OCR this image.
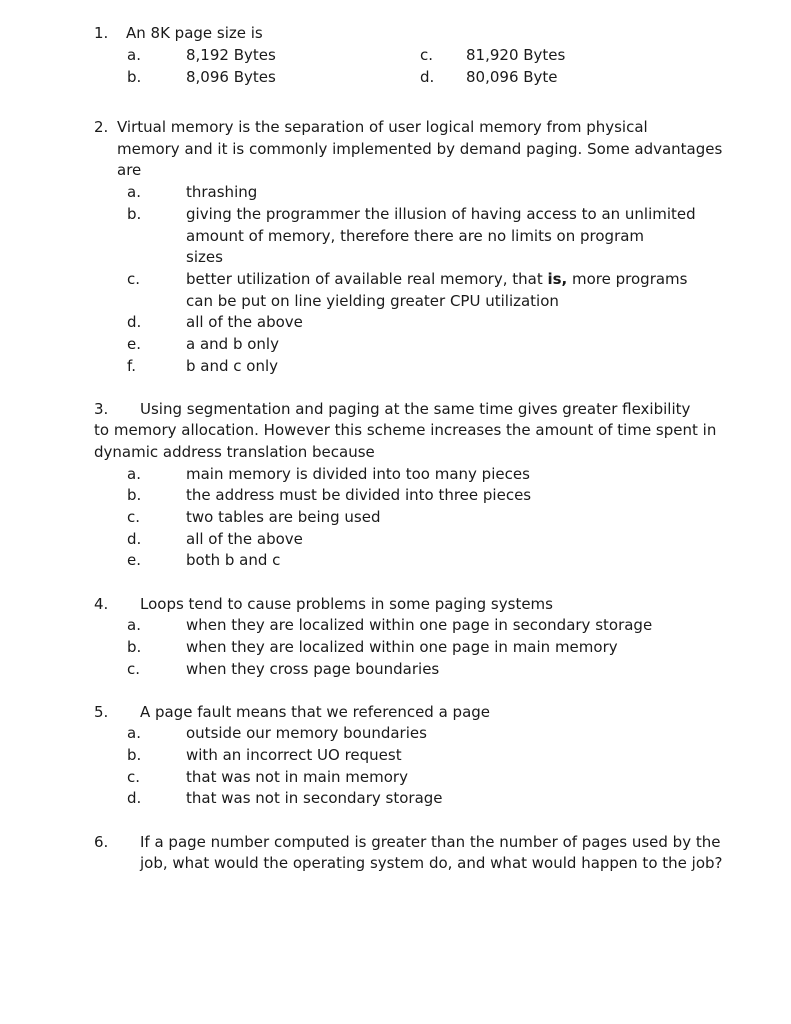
1. An 8K page size is
a.	8,192 Bytes	c. 81,920 Bytes
b.	8,096 Bytes	d. 80,096 Byte
2. Virtual memory is the separation of user logical memory from physical
memory and it is commonly implemented by demand paging. Some advantages
are
a.	thrashing
b.	giving the programmer the illusion of having access to an unlimited
amount of memory, therefore there are no limits on program
sizes
c.	better utilization of available real memory, that is, more programs
can be put on line yielding greater CPU utilization
d.	all of the above
e.	a and b only
f.	b and c only
3. Using segmentation and paging at the same time gives greater flexibility
to memory allocation. However this scheme increases the amount of time spent in
dynamic address translation because
a.	main memory is divided into too many pieces
b.	the address must be divided into three pieces
c.	two tables are being used
d.	all of the above
e.	both b and c
4. Loops tend to cause problems in some paging systems
a.	when they are localized within one page in secondary storage
b.	when they are localized within one page in main memory
c.	when they cross page boundaries
5. A page fault means that we referenced a page
a.	outside our memory boundaries
b.	with an incorrect UO request
c.	that was not in main memory
d.	that was not in secondary storage
6. If a page number computed is greater than the number of pages used by the
job, what would the operating system do, and what would happen to the job?
